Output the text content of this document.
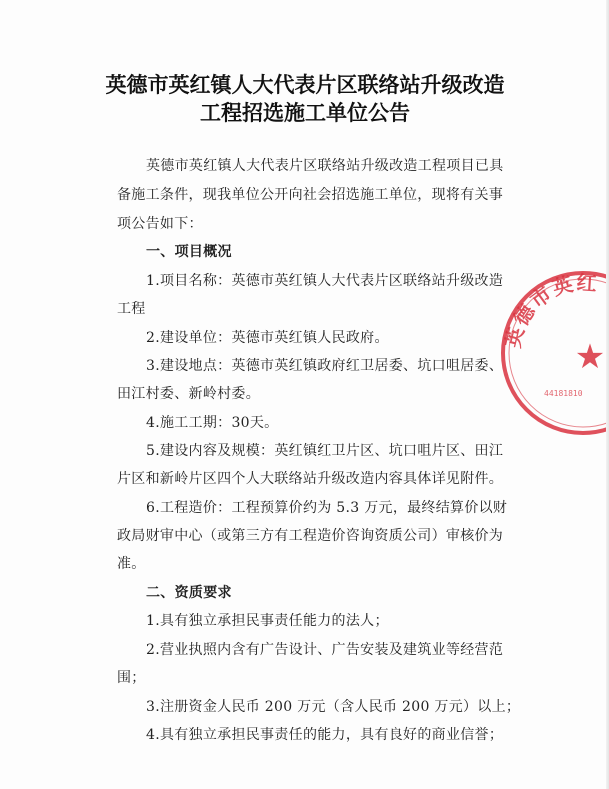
英德市英红镇人大代表片区联络站升级改造
工程招选施工单位公告
英德市英红镇人大代表片区联络站升级改造工程项目已具
备施工条件，现我单位公开向社会招选施工单位，现将有关事
项公告如下：
一、项目概况
1.项目名称：英德市英红镇人大代表片区联络站升级改造
工程
2.建设单位：英德市英红镇人民政府。
3.建设地点：英德市英红镇政府红卫居委、坑口咀居委、
田江村委、新岭村委。
4.施工工期：30天。
5.建设内容及规模：英红镇红卫片区、坑口咀片区、田江
片区和新岭片区四个人大联络站升级改造内容具体详见附件。
6.工程造价：工程预算价约为 5.3 万元，最终结算价以财
政局财审中心（或第三方有工程造价咨询资质公司）审核价为
准。
二、资质要求
1.具有独立承担民事责任能力的法人；
2.营业执照内含有广告设计、广告安装及建筑业等经营范
围；
3.注册资金人民币 200 万元（含人民币 200 万元）以上；
4.具有独立承担民事责任的能力，具有良好的商业信誉；
英德市英红
★
44181810
